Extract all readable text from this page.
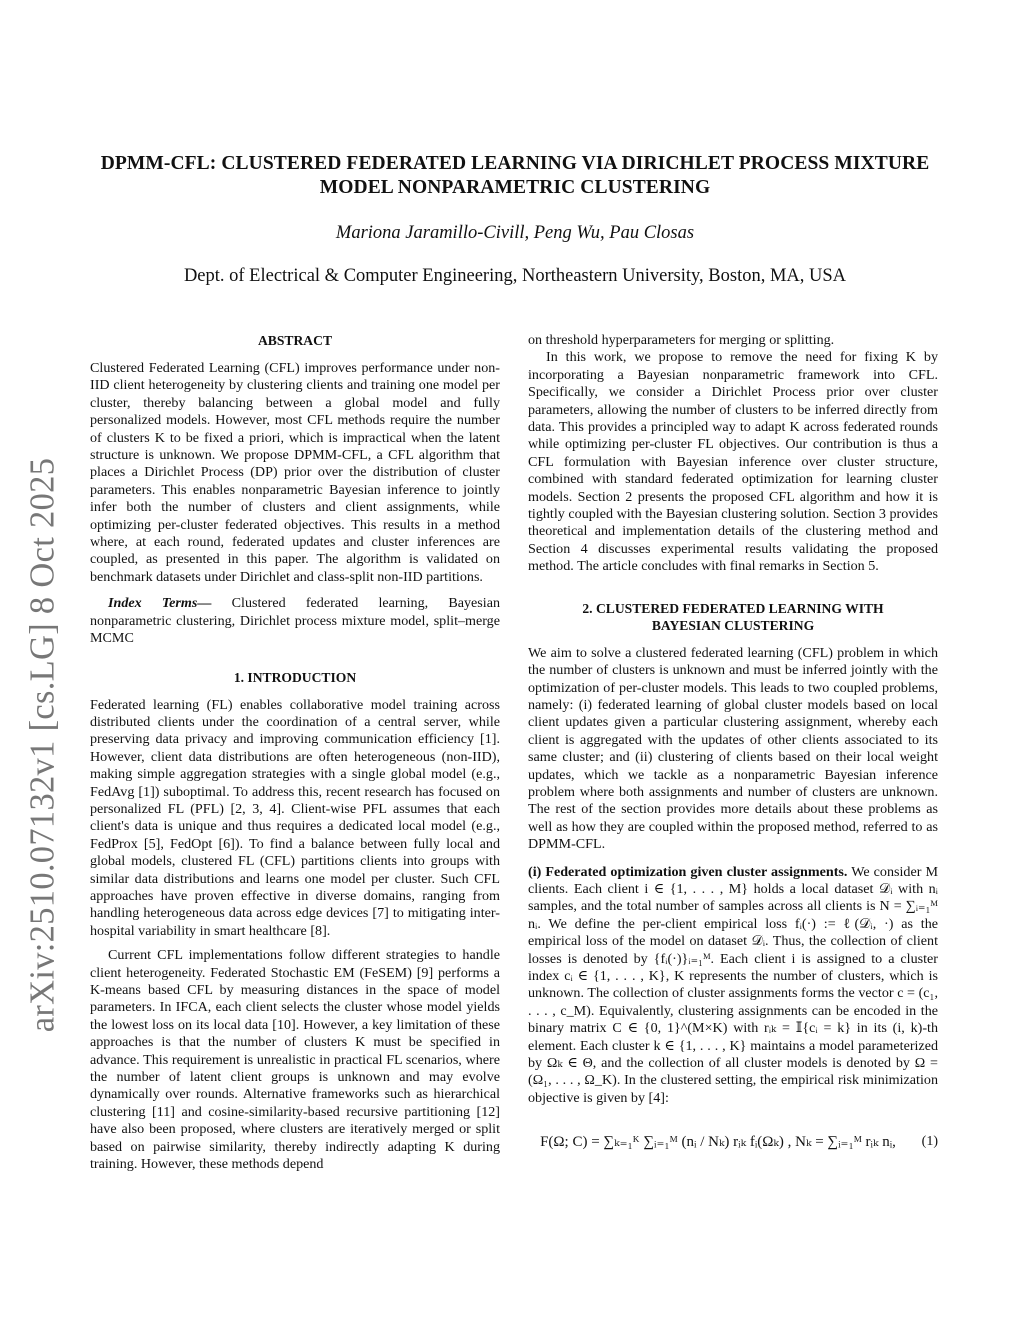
arXiv:2510.07132v1 [cs.LG] 8 Oct 2025
DPMM-CFL: CLUSTERED FEDERATED LEARNING VIA DIRICHLET PROCESS MIXTURE MODEL NONPARAMETRIC CLUSTERING
Mariona Jaramillo-Civill, Peng Wu, Pau Closas
Dept. of Electrical & Computer Engineering, Northeastern University, Boston, MA, USA
ABSTRACT

Clustered Federated Learning (CFL) improves performance under non-IID client heterogeneity by clustering clients and training one model per cluster, thereby balancing between a global model and fully personalized models. However, most CFL methods require the number of clusters K to be fixed a priori, which is impractical when the latent structure is unknown. We propose DPMM-CFL, a CFL algorithm that places a Dirichlet Process (DP) prior over the distribution of cluster parameters. This enables nonparametric Bayesian inference to jointly infer both the number of clusters and client assignments, while optimizing per-cluster federated objectives. This results in a method where, at each round, federated updates and cluster inferences are coupled, as presented in this paper. The algorithm is validated on benchmark datasets under Dirichlet and class-split non-IID partitions.

Index Terms— Clustered federated learning, Bayesian nonparametric clustering, Dirichlet process mixture model, split–merge MCMC

1. INTRODUCTION

Federated learning (FL) enables collaborative model training across distributed clients under the coordination of a central server, while preserving data privacy and improving communication efficiency [1]. However, client data distributions are often heterogeneous (non-IID), making simple aggregation strategies with a single global model (e.g., FedAvg [1]) suboptimal. To address this, recent research has focused on personalized FL (PFL) [2, 3, 4]. Client-wise PFL assumes that each client's data is unique and thus requires a dedicated local model (e.g., FedProx [5], FedOpt [6]). To find a balance between fully local and global models, clustered FL (CFL) partitions clients into groups with similar data distributions and learns one model per cluster. Such CFL approaches have proven effective in diverse domains, ranging from handling heterogeneous data across edge devices [7] to mitigating inter-hospital variability in smart healthcare [8].

Current CFL implementations follow different strategies to handle client heterogeneity. Federated Stochastic EM (FeSEM) [9] performs a K-means based CFL by measuring distances in the space of model parameters. In IFCA, each client selects the cluster whose model yields the lowest loss on its local data [10]. However, a key limitation of these approaches is that the number of clusters K must be specified in advance. This requirement is unrealistic in practical FL scenarios, where the number of latent client groups is unknown and may evolve dynamically over rounds. Alternative frameworks such as hierarchical clustering [11] and cosine-similarity-based recursive partitioning [12] have also been proposed, where clusters are iteratively merged or split based on pairwise similarity, thereby indirectly adapting K during training. However, these methods depend

on threshold hyperparameters for merging or splitting.

In this work, we propose to remove the need for fixing K by incorporating a Bayesian nonparametric framework into CFL. Specifically, we consider a Dirichlet Process prior over cluster parameters, allowing the number of clusters to be inferred directly from data. This provides a principled way to adapt K across federated rounds while optimizing per-cluster FL objectives. Our contribution is thus a CFL formulation with Bayesian inference over cluster structure, combined with standard federated optimization for learning cluster models. Section 2 presents the proposed CFL algorithm and how it is tightly coupled with the Bayesian clustering solution. Section 3 provides theoretical and implementation details of the clustering method and Section 4 discusses experimental results validating the proposed method. The article concludes with final remarks in Section 5.

2. CLUSTERED FEDERATED LEARNING WITH
BAYESIAN CLUSTERING

We aim to solve a clustered federated learning (CFL) problem in which the number of clusters is unknown and must be inferred jointly with the optimization of per-cluster models. This leads to two coupled problems, namely: (i) federated learning of global cluster models based on local client updates given a particular clustering assignment, whereby each client is aggregated with the updates of other clients associated to its same cluster; and (ii) clustering of clients based on their local weight updates, which we tackle as a nonparametric Bayesian inference problem where both assignments and number of clusters are unknown. The rest of the section provides more details about these problems as well as how they are coupled within the proposed method, referred to as DPMM-CFL.

(i) Federated optimization given cluster assignments. We consider M clients. Each client i ∈ {1, . . . , M} holds a local dataset 𝒟ᵢ with nᵢ samples, and the total number of samples across all clients is N = ∑ᵢ₌₁ᴹ nᵢ. We define the per-client empirical loss fᵢ(·) := ℓ(𝒟ᵢ, ·) as the empirical loss of the model on dataset 𝒟ᵢ. Thus, the collection of client losses is denoted by {fᵢ(·)}ᵢ₌₁ᴹ. Each client i is assigned to a cluster index cᵢ ∈ {1, . . . , K}, K represents the number of clusters, which is unknown. The collection of cluster assignments forms the vector c = (c₁, . . . , c_M). Equivalently, clustering assignments can be encoded in the binary matrix C ∈ {0, 1}^(M×K) with rᵢₖ = 𝕀{cᵢ = k} in its (i, k)-th element. Each cluster k ∈ {1, . . . , K} maintains a model parameterized by Ωₖ ∈ Θ, and the collection of all cluster models is denoted by Ω = (Ω₁, . . . , Ω_K). In the clustered setting, the empirical risk minimization objective is given by [4]:

F(Ω; C) = ∑ₖ₌₁ᴷ ∑ᵢ₌₁ᴹ (nᵢ / Nₖ) rᵢₖ fᵢ(Ωₖ) , Nₖ = ∑ᵢ₌₁ᴹ rᵢₖ nᵢ,	(1)
